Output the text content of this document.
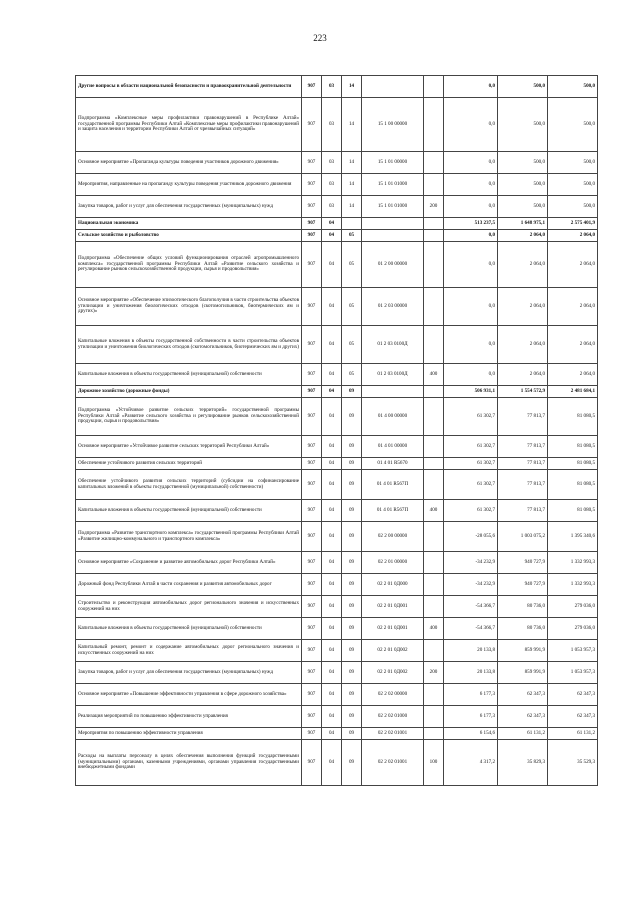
223
Другие вопросы в области национальной безопасности и правоохранительной деятельности	907	03	14			0,0	500,0	500,0
Подпрограмма «Комплексные меры профилактики правонарушений в Республике Алтай» государственной программы Республики Алтай «Комплексные меры профилактики правонарушений и защита населения и территории Республики Алтай от чрезвычайных ситуаций»	907	03	14	15 1 00 00000		0,0	500,0	500,0
Основное мероприятие «Пропаганда культуры поведения участников дорожного движения»	907	03	14	15 1 01 00000		0,0	500,0	500,0
Мероприятия, направленные на пропаганду культуры поведения участников дорожного движения	907	03	14	15 1 01 01000		0,0	500,0	500,0
Закупка товаров, работ и услуг для обеспечения государственных (муниципальных) нужд	907	03	14	15 1 01 01000	200	0,0	500,0	500,0
Национальная экономика	907	04				513 237,5	1 648 975,1	2 575 401,9
Сельское хозяйство и рыболовство	907	04	05			0,0	2 064,0	2 064,0
Подпрограмма «Обеспечение общих условий функционирования отраслей агропромышленного комплекса» государственной программы Республики Алтай «Развитие сельского хозяйства и регулирование рынков сельскохозяйственной продукции, сырья и продовольствия»	907	04	05	01 2 00 00000		0,0	2 064,0	2 064,0
Основное мероприятие «Обеспечение эпизоотического благополучия в части строительства объектов утилизации и уничтожения биологических отходов (скотомогильников, биотермических ям и других)»	907	04	05	01 2 03 00000		0,0	2 064,0	2 064,0
Капитальные вложения в объекты государственной собственности в части строительства объектов утилизации и уничтожения биологических отходов (скотомогильников, биотермических ям и других)	907	04	05	01 2 03 0100Д		0,0	2 064,0	2 064,0
Капитальные вложения в объекты государственной (муниципальной) собственности	907	04	05	01 2 03 0100Д	400	0,0	2 064,0	2 064,0
Дорожное хозяйство (дорожные фонды)	907	04	09			506 931,1	1 554 572,9	2 481 684,1
Подпрограмма «Устойчивое развитие сельских территорий» государственной программы Республики Алтай «Развитие сельского хозяйства и регулирование рынков сельскохозяйственной продукции, сырья и продовольствия»	907	04	09	01 4 00 00000		61 302,7	77 813,7	81 080,5
Основное мероприятие «Устойчивое развитие сельских территорий Республики Алтай»	907	04	09	01 4 01 00000		61 302,7	77 813,7	81 080,5
Обеспечение устойчивого развития сельских территорий	907	04	09	01 4 01 R5670		61 302,7	77 813,7	81 080,5
Обеспечение устойчивого развития сельских территорий (субсидии на софинансирование капитальных вложений в объекты государственной (муниципальной) собственности)	907	04	09	01 4 01 R567П		61 302,7	77 813,7	81 080,5
Капитальные вложения в объекты государственной (муниципальной) собственности	907	04	09	01 4 01 R567П	400	61 302,7	77 813,7	81 080,5
Подпрограмма «Развитие транспортного комплекса» государственной программы Республики Алтай «Развитие жилищно-коммунального и транспортного комплекса»	907	04	09	02 2 00 00000		-28 055,6	1 003 075,2	1 395 340,6
Основное мероприятие «Сохранение и развитие автомобильных дорог Республики Алтай»	907	04	09	02 2 01 00000		-34 232,9	940 727,9	1 332 993,3
Дорожный фонд Республики Алтай в части сохранения и развития автомобильных дорог	907	04	09	02 2 01 0Д000		-34 232,9	940 727,9	1 332 993,3
Строительство и реконструкция автомобильных дорог регионального значения и искусственных сооружений на них	907	04	09	02 2 01 0Д001		-54 366,7	80 736,0	279 036,0
Капитальные вложения в объекты государственной (муниципальной) собственности	907	04	09	02 2 01 0Д001	400	-54 366,7	80 736,0	279 036,0
Капитальный ремонт, ремонт и содержание автомобильных дорог регионального значения и искусственных сооружений на них	907	04	09	02 2 01 0Д002		20 133,8	859 991,9	1 053 957,3
Закупка товаров, работ и услуг для обеспечения государственных (муниципальных) нужд	907	04	09	02 2 01 0Д002	200	20 133,8	859 991,9	1 053 957,3
Основное мероприятие «Повышение эффективности управления в сфере дорожного хозяйства»	907	04	09	02 2 02 00000		6 177,3	62 347,3	62 347,3
Реализация мероприятий по повышению эффективности управления	907	04	09	02 2 02 01000		6 177,3	62 347,3	62 347,3
Мероприятия по повышению эффективности управления	907	04	09	02 2 02 01001		6 154,6	61 131,2	61 131,2
Расходы на выплаты персоналу в целях обеспечения выполнения функций государственными (муниципальными) органами, казенными учреждениями, органами управления государственными внебюджетными фондами	907	04	09	02 2 02 01001	100	4 317,2	35 829,3	35 529,3
